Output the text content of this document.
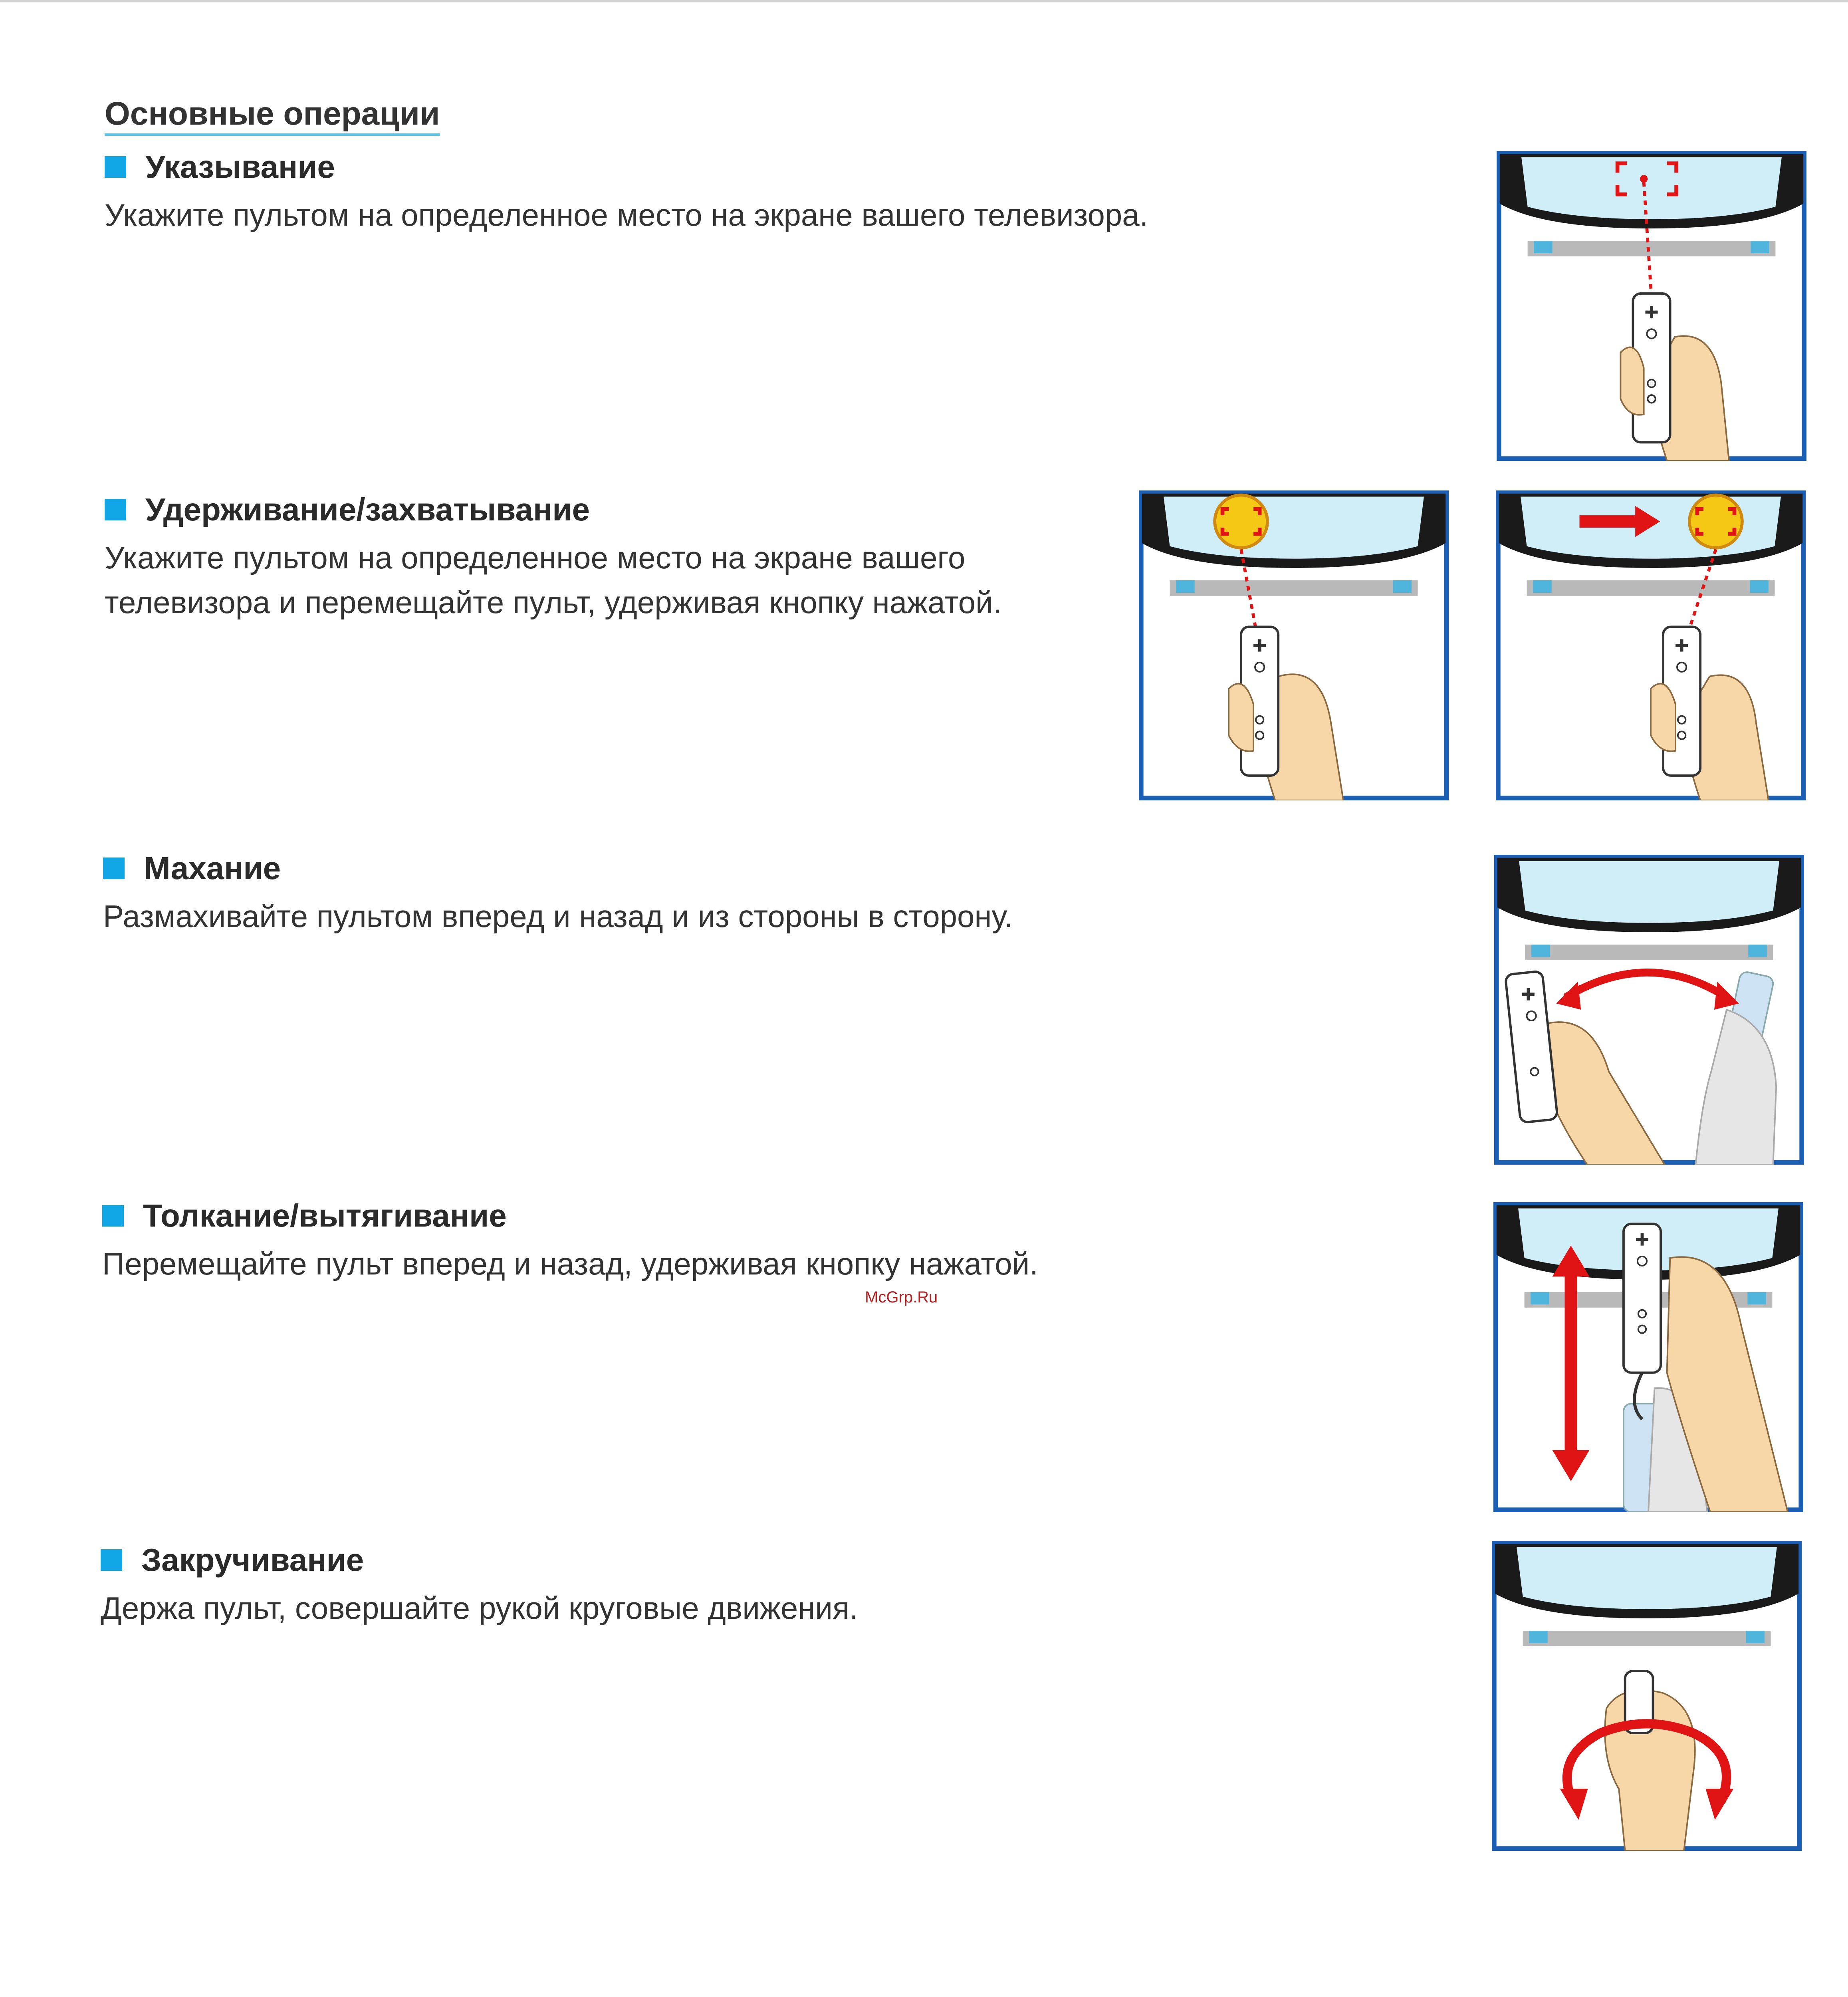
Основные операции
Указывание
Укажите пультом на определенное место на экране вашего телевизора.
Удерживание/захватывание
Укажите пультом на определенное место на экране вашего
телевизора и перемещайте пульт, удерживая кнопку нажатой.
Махание
Размахивайте пультом вперед и назад и из стороны в сторону.
Толкание/вытягивание
Перемещайте пульт вперед и назад, удерживая кнопку нажатой.
Закручивание
Держа пульт, совершайте рукой круговые движения.
McGrp.Ru
